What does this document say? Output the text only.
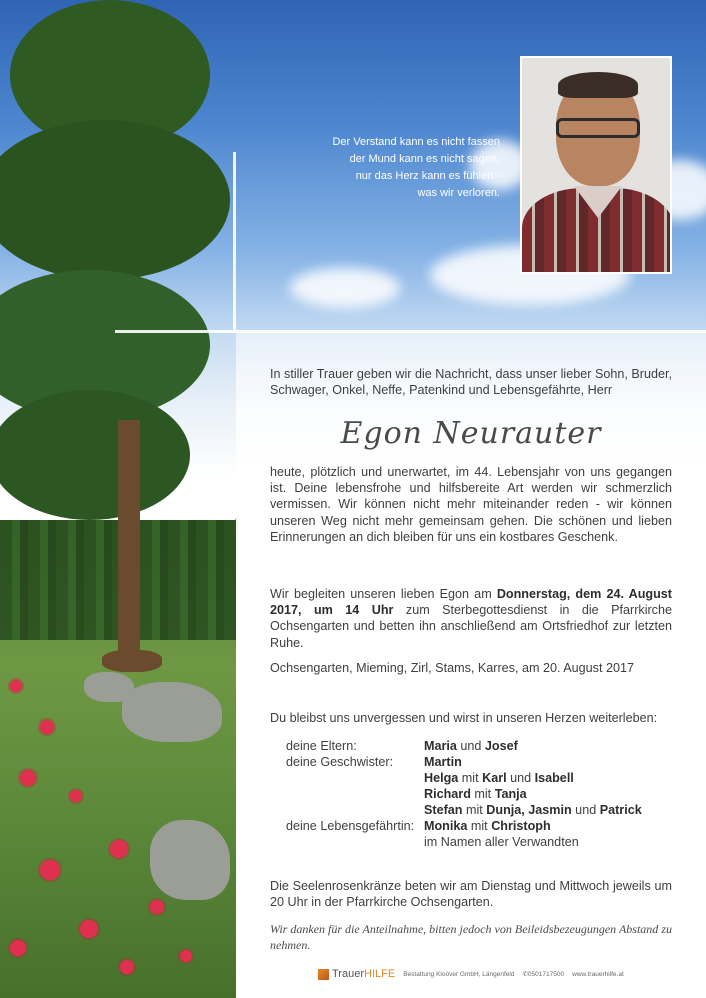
Der Verstand kann es nicht fassen

der Mund kann es nicht sagen,

nur das Herz kann es fühlen -

was wir verloren.

In stiller Trauer geben wir die Nachricht, dass unser lieber Sohn, Bruder, Schwager, Onkel, Neffe, Patenkind und Lebensgefährte, Herr

Egon Neurauter

heute, plötzlich und unerwartet, im 44. Lebensjahr von uns gegangen ist. Deine lebensfrohe und hilfsbereite Art werden wir schmerzlich vermissen. Wir können nicht mehr miteinander reden - wir können unseren Weg nicht mehr gemeinsam gehen. Die schönen und lieben Erinnerungen an dich bleiben für uns ein kostbares Geschenk.

Wir begleiten unseren lieben Egon am Donnerstag, dem 24. August 2017, um 14 Uhr zum Sterbegottesdienst in die Pfarrkirche Ochsengarten und betten ihn anschließend am Ortsfriedhof zur letzten Ruhe.

Ochsengarten, Mieming, Zirl, Stams, Karres, am 20. August 2017

Du bleibst uns unvergessen und wirst in unseren Herzen weiterleben:

deine Eltern:	Maria und Josef
deine Geschwister:	Martin
Helga mit Karl und Isabell
Richard mit Tanja
Stefan mit Dunja, Jasmin und Patrick
deine Lebensgefährtin: Monika mit Christoph
im Namen aller Verwandten

Die Seelenrosenkränze beten wir am Dienstag und Mittwoch jeweils um 20 Uhr in der Pfarrkirche Ochsengarten.

Wir danken für die Anteilnahme, bitten jedoch von Beileidsbezeugungen Abstand zu nehmen.

TrauerHILFE Bestattung Kloöver GmbH, Längenfeld ✆0501717500 www.trauerhilfe.at
